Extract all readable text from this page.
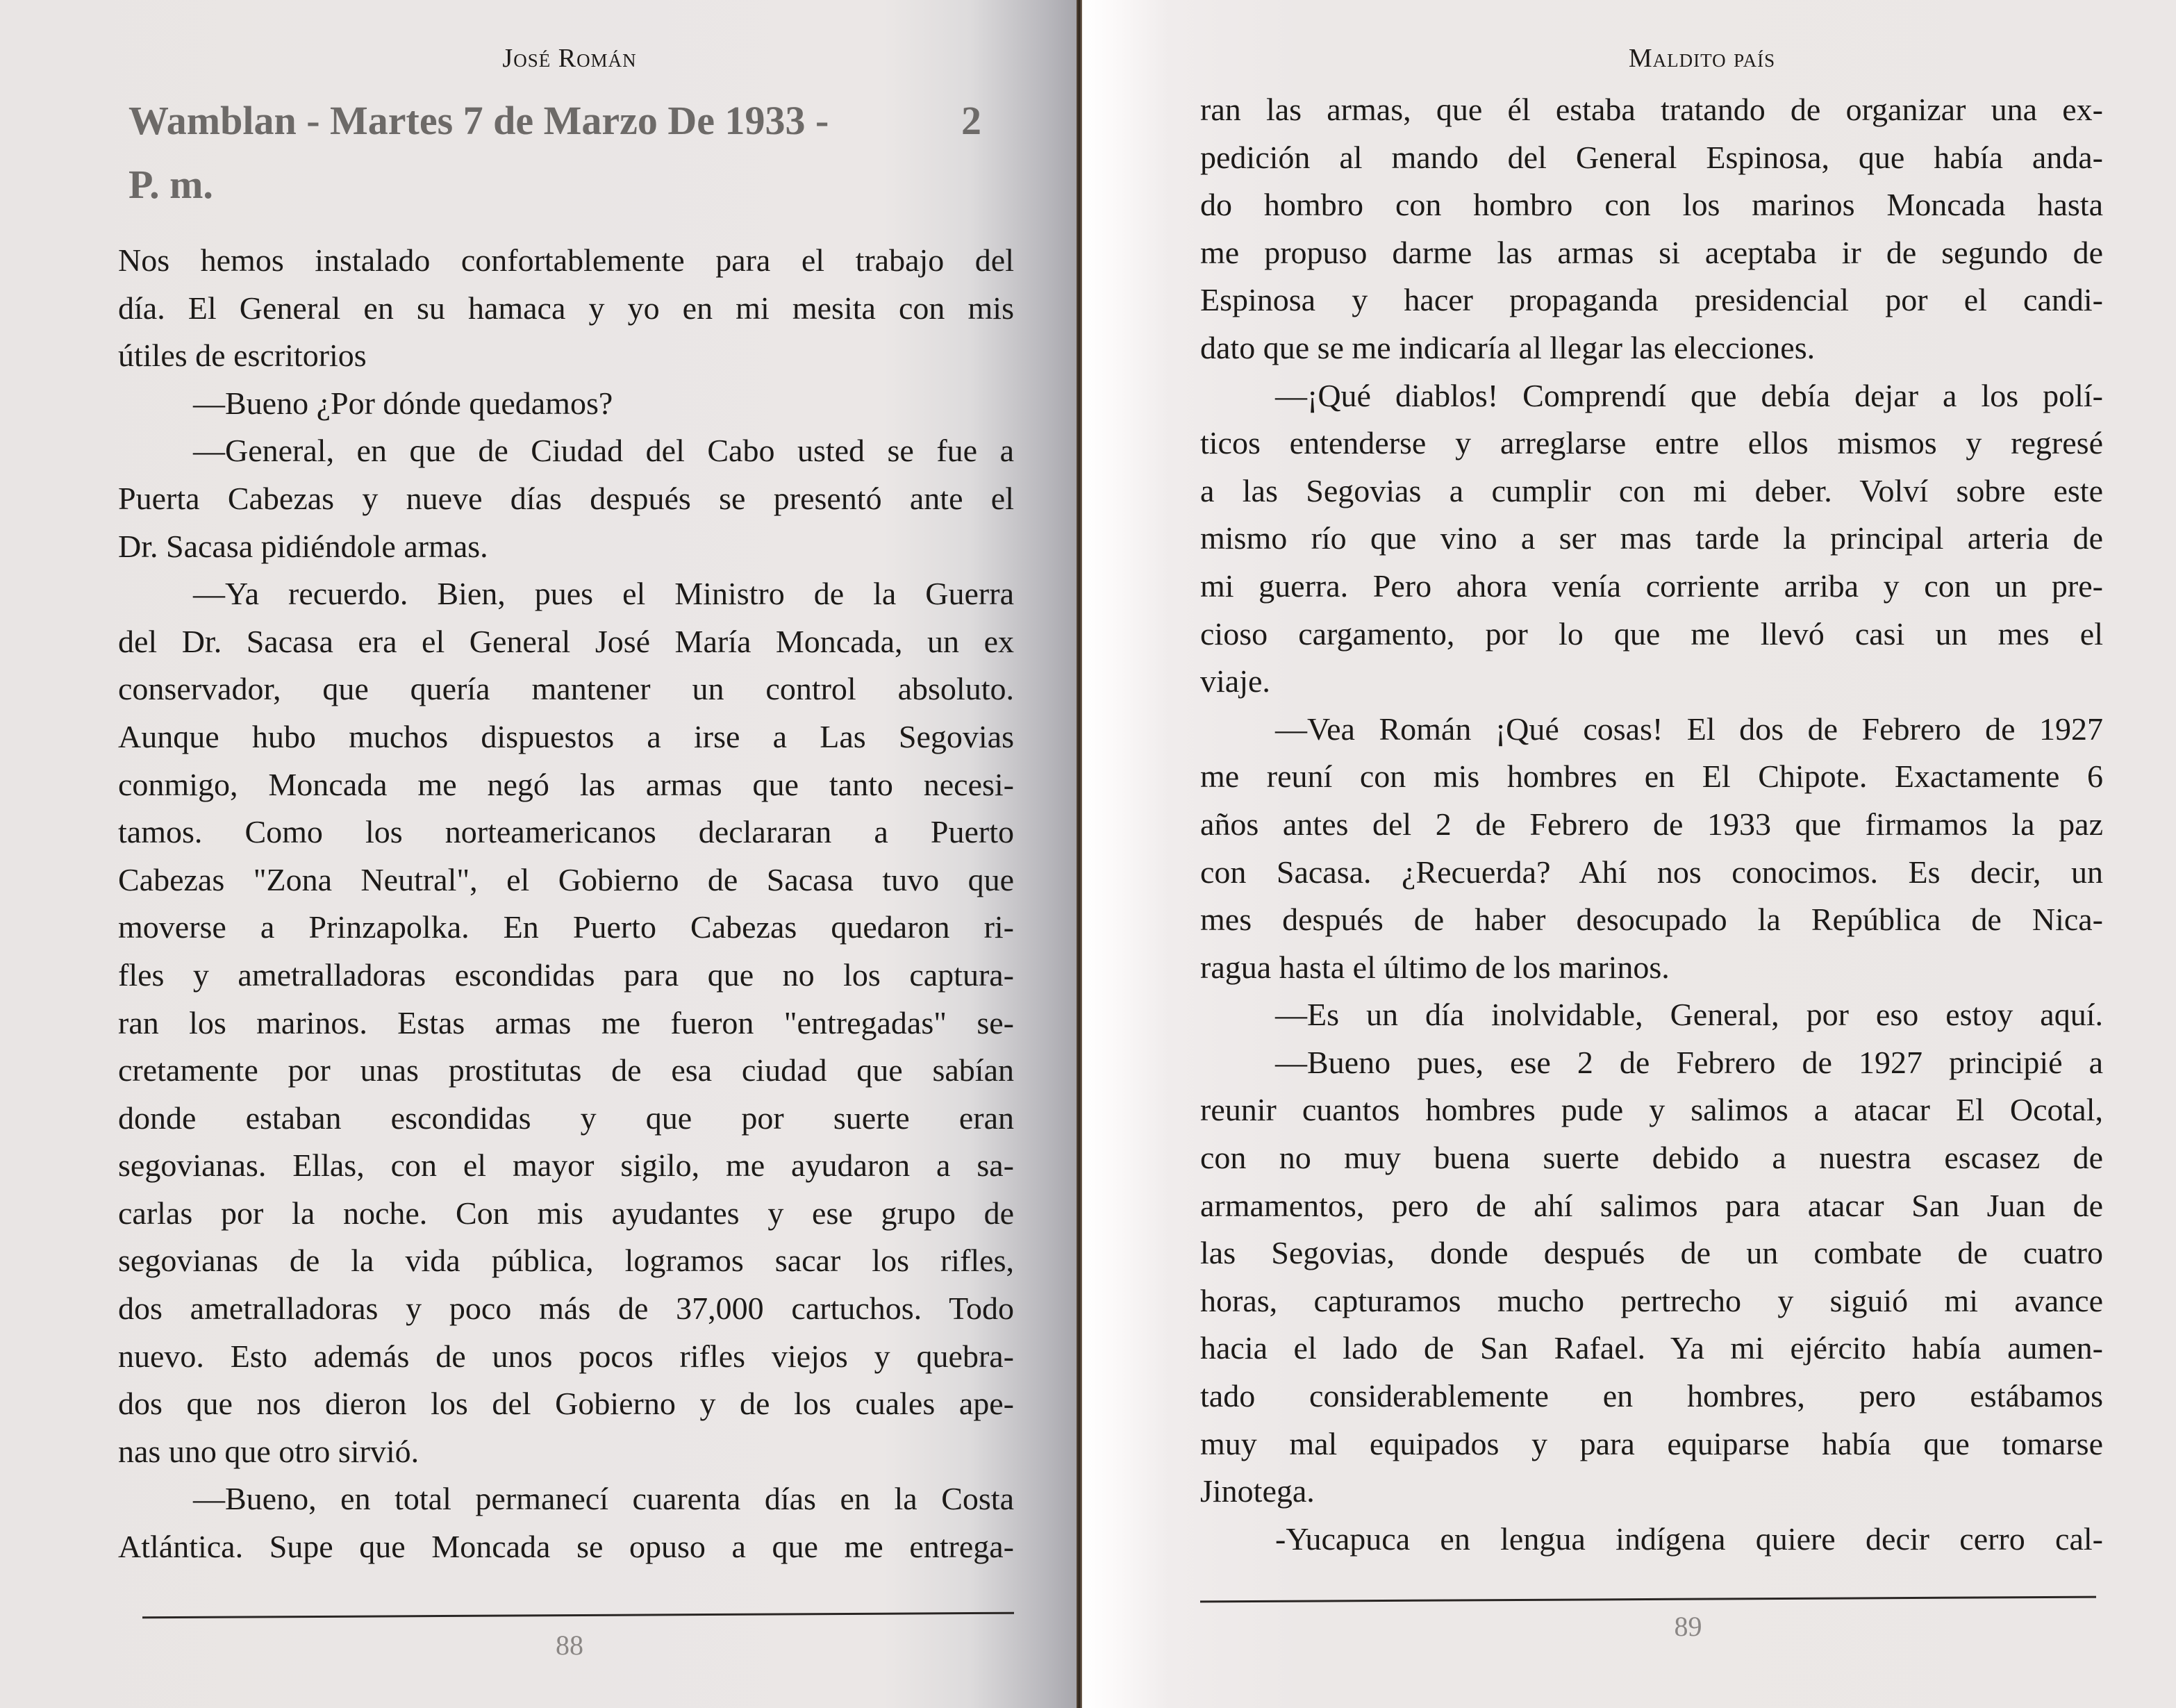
José Román
Wamblan - Martes 7 de Marzo De 1933 -	2

P. m.
Nos hemos instalado confortablemente para el trabajo del
día. El General en su hamaca y yo en mi mesita con mis
útiles de escritorios
—Bueno ¿Por dónde quedamos?
—General, en que de Ciudad del Cabo usted se fue a
Puerta Cabezas y nueve días después se presentó ante el
Dr. Sacasa pidiéndole armas.
—Ya recuerdo. Bien, pues el Ministro de la Guerra
del Dr. Sacasa era el General José María Moncada, un ex
conservador, que quería mantener un control absoluto.
Aunque hubo muchos dispuestos a irse a Las Segovias
conmigo, Moncada me negó las armas que tanto necesi-
tamos. Como los norteamericanos declararan a Puerto
Cabezas "Zona Neutral", el Gobierno de Sacasa tuvo que
moverse a Prinzapolka. En Puerto Cabezas quedaron ri-
fles y ametralladoras escondidas para que no los captura-
ran los marinos. Estas armas me fueron "entregadas" se-
cretamente por unas prostitutas de esa ciudad que sabían
donde estaban escondidas y que por suerte eran
segovianas. Ellas, con el mayor sigilo, me ayudaron a sa-
carlas por la noche. Con mis ayudantes y ese grupo de
segovianas de la vida pública, logramos sacar los rifles,
dos ametralladoras y poco más de 37,000 cartuchos. Todo
nuevo. Esto además de unos pocos rifles viejos y quebra-
dos que nos dieron los del Gobierno y de los cuales ape-
nas uno que otro sirvió.
—Bueno, en total permanecí cuarenta días en la Costa
Atlántica. Supe que Moncada se opuso a que me entrega-
88
Maldito país
ran las armas, que él estaba tratando de organizar una ex-
pedición al mando del General Espinosa, que había anda-
do hombro con hombro con los marinos Moncada hasta
me propuso darme las armas si aceptaba ir de segundo de
Espinosa y hacer propaganda presidencial por el candi-
dato que se me indicaría al llegar las elecciones.
—¡Qué diablos! Comprendí que debía dejar a los polí-
ticos entenderse y arreglarse entre ellos mismos y regresé
a las Segovias a cumplir con mi deber. Volví sobre este
mismo río que vino a ser mas tarde la principal arteria de
mi guerra. Pero ahora venía corriente arriba y con un pre-
cioso cargamento, por lo que me llevó casi un mes el
viaje.
—Vea Román ¡Qué cosas! El dos de Febrero de 1927
me reuní con mis hombres en El Chipote. Exactamente 6
años antes del 2 de Febrero de 1933 que firmamos la paz
con Sacasa. ¿Recuerda? Ahí nos conocimos. Es decir, un
mes después de haber desocupado la República de Nica-
ragua hasta el último de los marinos.
—Es un día inolvidable, General, por eso estoy aquí.
—Bueno pues, ese 2 de Febrero de 1927 principié a
reunir cuantos hombres pude y salimos a atacar El Ocotal,
con no muy buena suerte debido a nuestra escasez de
armamentos, pero de ahí salimos para atacar San Juan de
las Segovias, donde después de un combate de cuatro
horas, capturamos mucho pertrecho y siguió mi avance
hacia el lado de San Rafael. Ya mi ejército había aumen-
tado considerablemente en hombres, pero estábamos
muy mal equipados y para equiparse había que tomarse
Jinotega.
-Yucapuca en lengua indígena quiere decir cerro cal-
89
